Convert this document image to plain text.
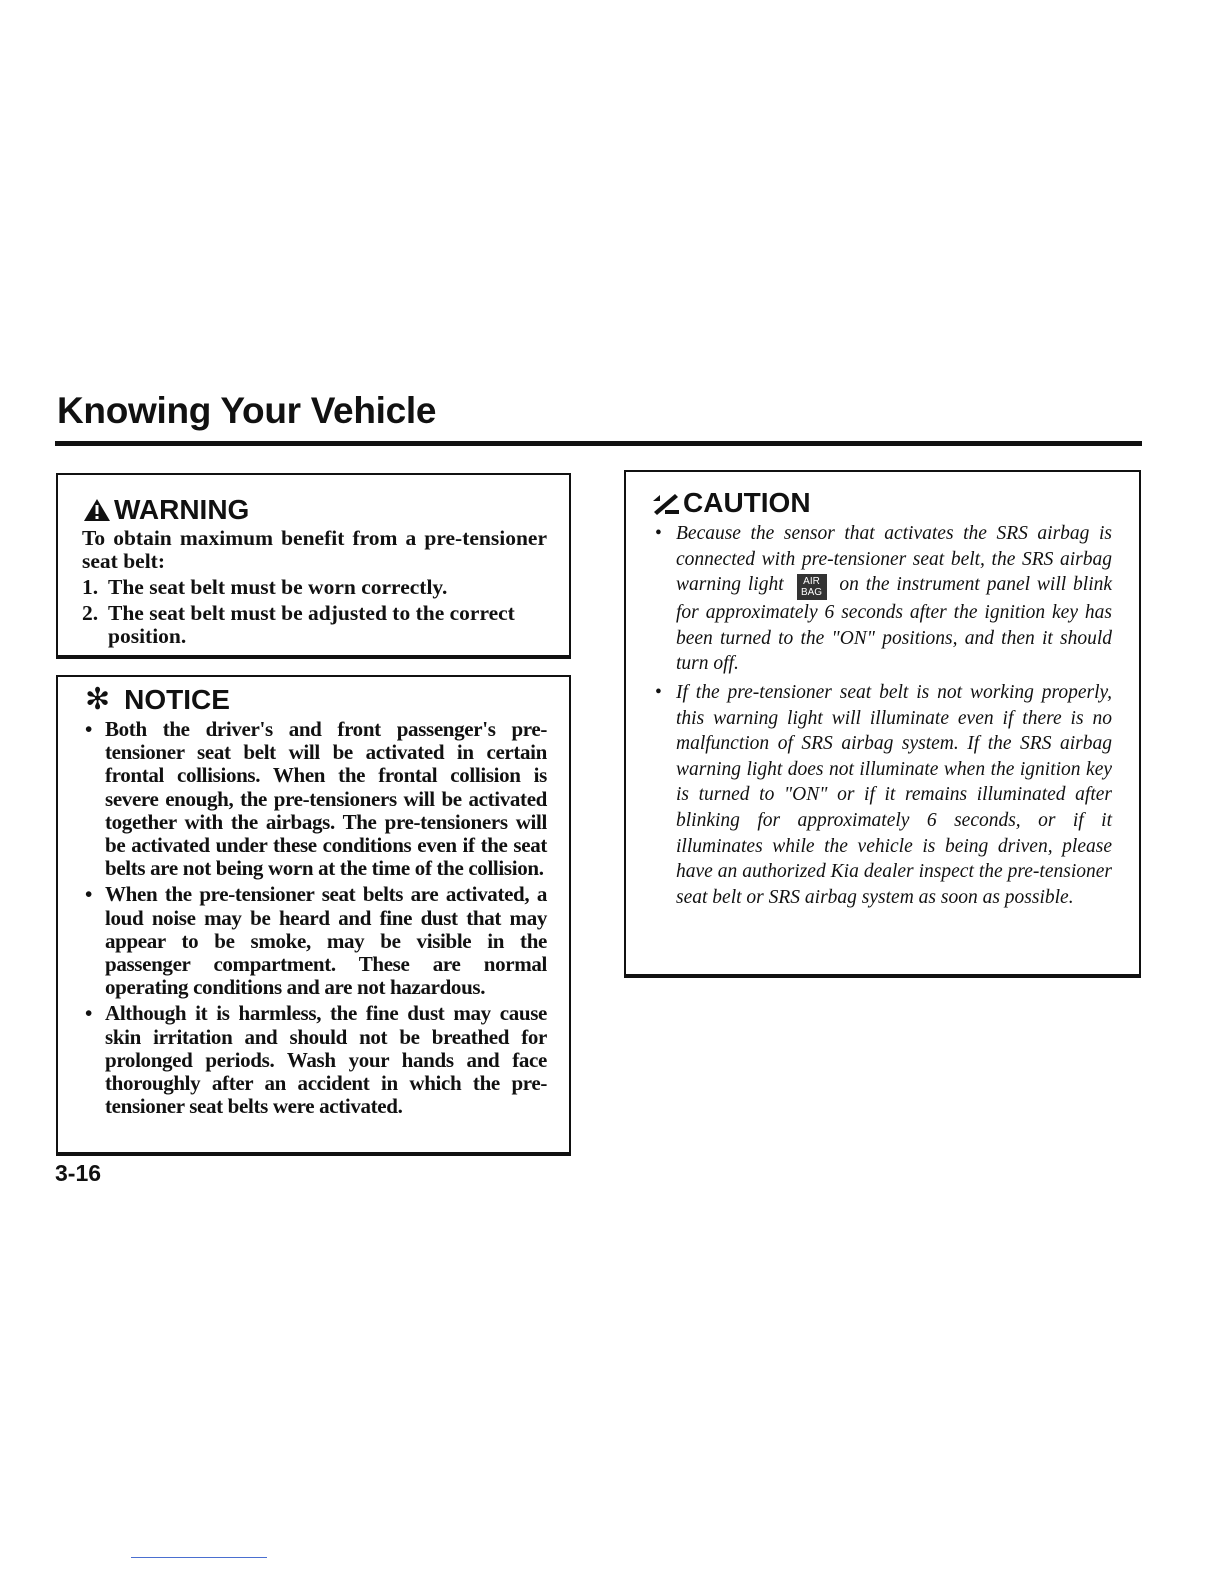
Knowing Your Vehicle
WARNING

To obtain maximum benefit from a pre-tensioner seat belt:

1. The seat belt must be worn correctly.
2. The seat belt must be adjusted to the correct position.
✻ NOTICE
• Both the driver's and front passenger's pre-tensioner seat belt will be activated in certain frontal collisions. When the frontal collision is severe enough, the pre-tensioners will be activated together with the airbags. The pre-tensioners will be activated under these conditions even if the seat belts are not being worn at the time of the collision.
• When the pre-tensioner seat belts are activated, a loud noise may be heard and fine dust that may appear to be smoke, may be visible in the passenger compartment. These are normal operating conditions and are not hazardous.
• Although it is harmless, the fine dust may cause skin irritation and should not be breathed for prolonged periods. Wash your hands and face thoroughly after an accident in which the pre-tensioner seat belts were activated.
CAUTION
• Because the sensor that activates the SRS airbag is connected with pre-tensioner seat belt, the SRS airbag warning light	AIR
BAG on the instrument panel will blink for approximately 6 seconds after the ignition key has been turned to the "ON" positions, and then it should turn off.
• If the pre-tensioner seat belt is not working properly, this warning light will illuminate even if there is no malfunction of SRS airbag system. If the SRS airbag warning light does not illuminate when the ignition key is turned to "ON" or if it remains illuminated after blinking for approximately 6 seconds, or if it illuminates while the vehicle is being driven, please have an authorized Kia dealer inspect the pre-tensioner seat belt or SRS airbag system as soon as possible.

3-16
